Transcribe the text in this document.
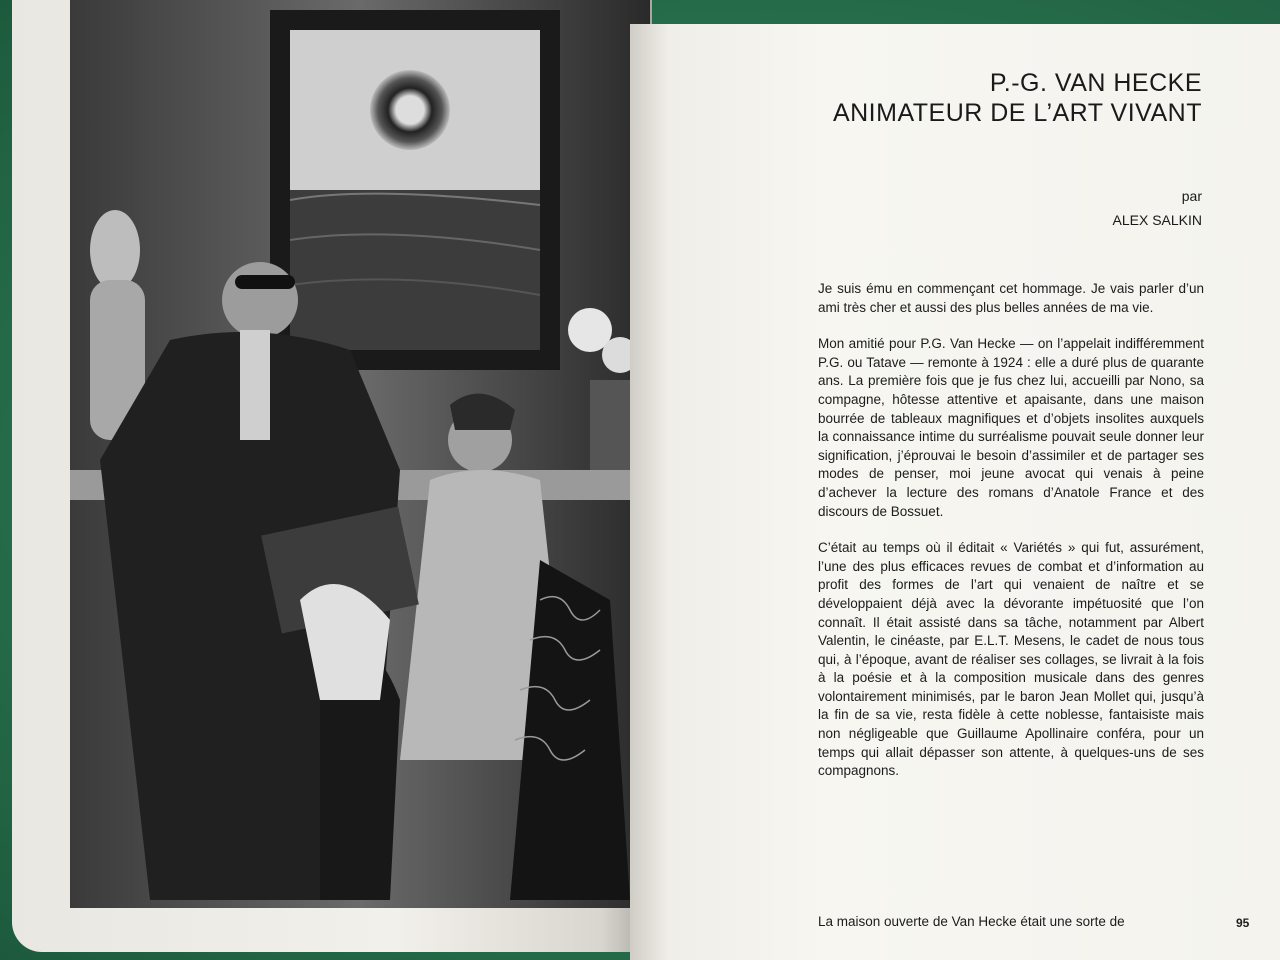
P.-G. VAN HECKE
ANIMATEUR DE L’ART VIVANT
par
ALEX SALKIN

Je suis ému en commençant cet hommage. Je vais parler d’un ami très cher et aussi des plus belles années de ma vie.

Mon amitié pour P.G. Van Hecke — on l’appelait indifféremment P.G. ou Tatave — remonte à 1924 : elle a duré plus de quarante ans. La première fois que je fus chez lui, accueilli par Nono, sa compagne, hôtesse attentive et apaisante, dans une maison bourrée de tableaux magnifiques et d’objets insolites auxquels la connaissance intime du surréalisme pouvait seule donner leur signification, j’éprouvai le besoin d’assimiler et de partager ses modes de penser, moi jeune avocat qui venais à peine d’achever la lecture des romans d’Anatole France et des discours de Bossuet.

C’était au temps où il éditait « Variétés » qui fut, assurément, l’une des plus efficaces revues de combat et d’information au profit des formes de l’art qui venaient de naître et se développaient déjà avec la dévorante impétuosité que l’on connaît. Il était assisté dans sa tâche, notamment par Albert Valentin, le cinéaste, par E.L.T. Mesens, le cadet de nous tous qui, à l’époque, avant de réaliser ses collages, se livrait à la fois à la poésie et à la composition musicale dans des genres volontairement minimisés, par le baron Jean Mollet qui, jusqu’à la fin de sa vie, resta fidèle à cette noblesse, fantaisiste mais non négligeable que Guillaume Apollinaire conféra, pour un temps qui allait dépasser son attente, à quelques-uns de ses compagnons.

La maison ouverte de Van Hecke était une sorte de	95
